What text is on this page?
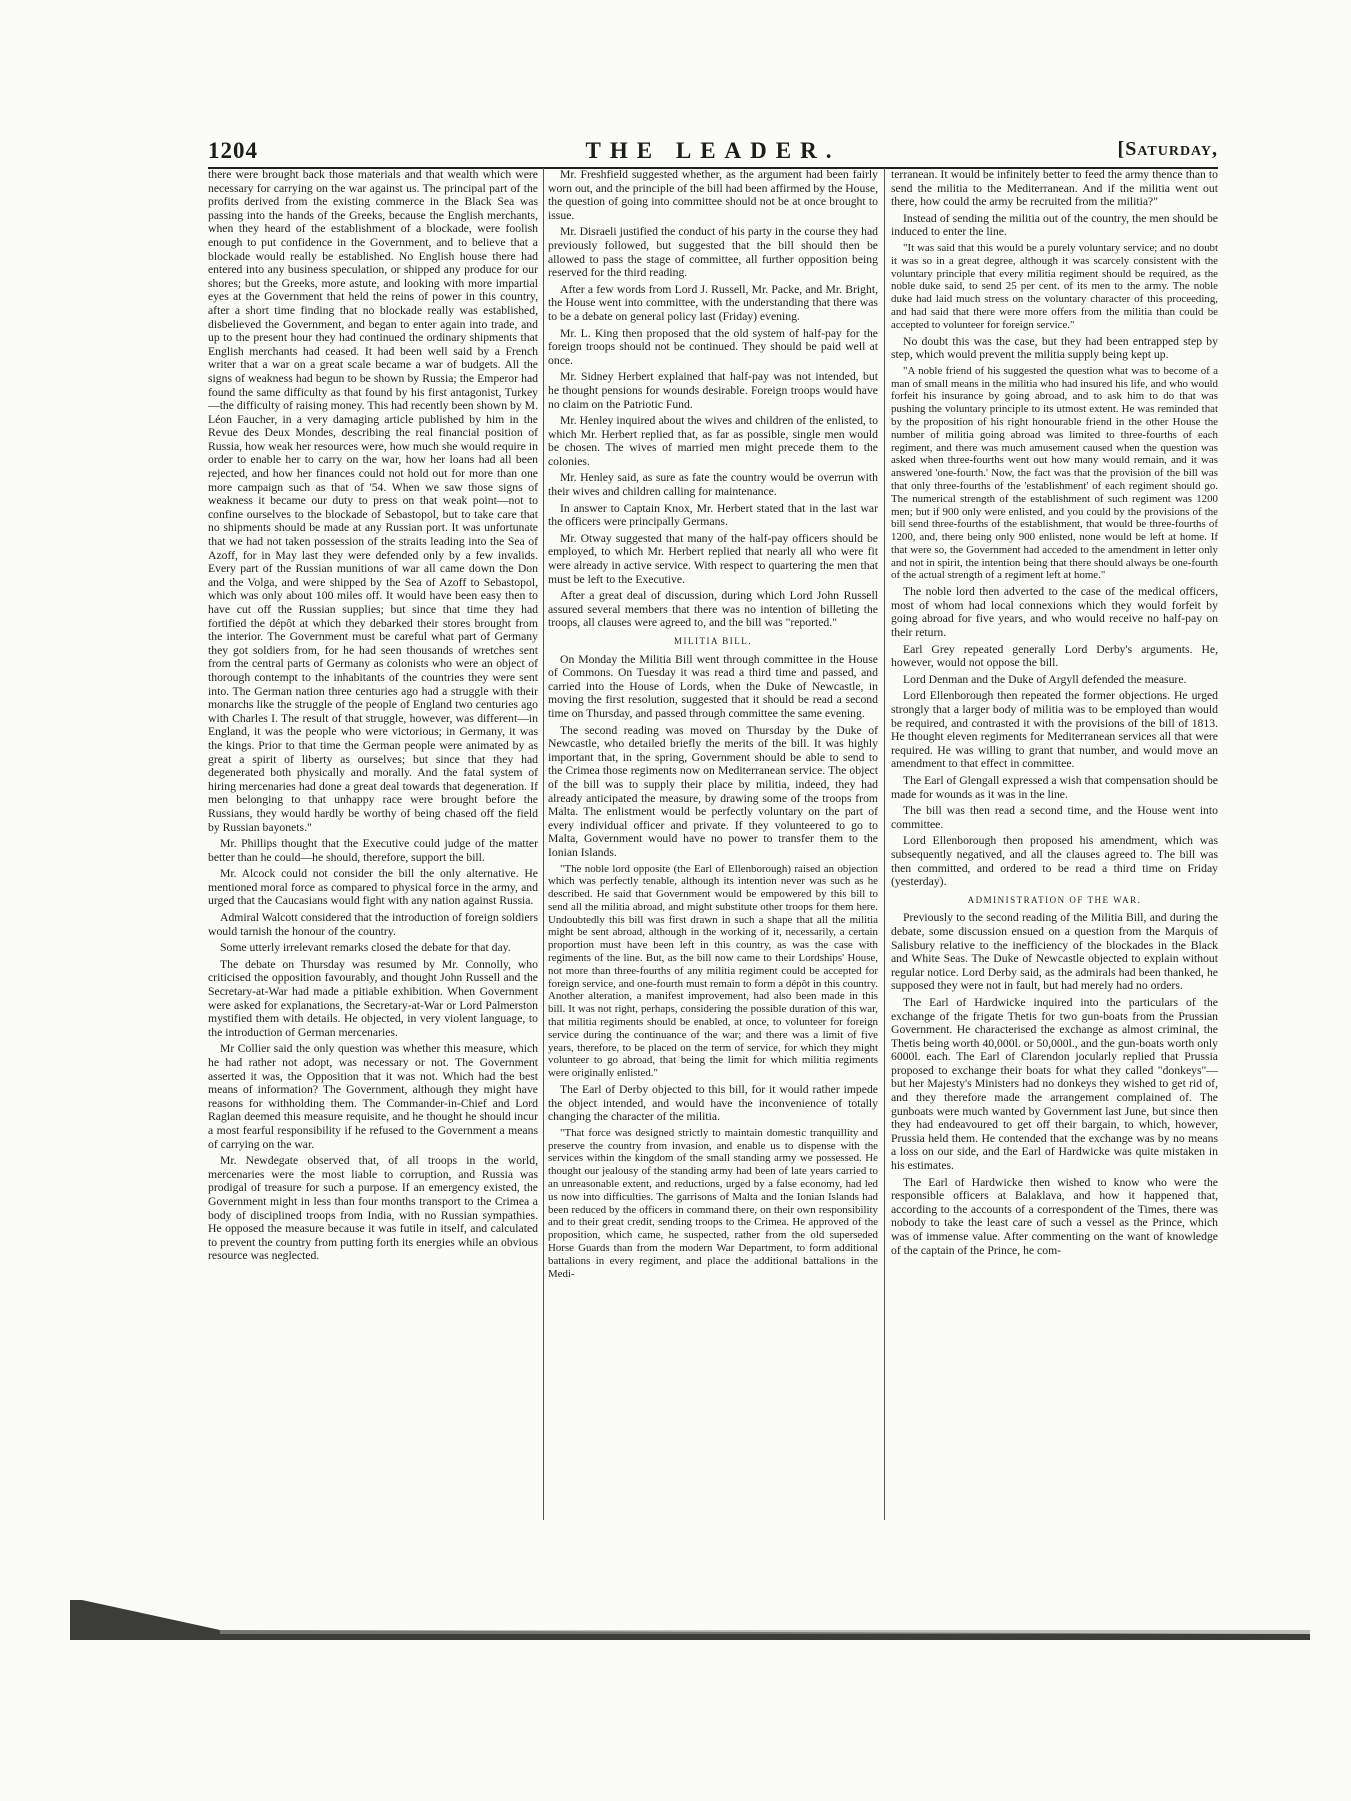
1204	THE LEADER.	[Saturday,

there were brought back those materials and that wealth which were necessary for carrying on the war against us. The principal part of the profits derived from the existing commerce in the Black Sea was passing into the hands of the Greeks, because the English merchants, when they heard of the establishment of a blockade, were foolish enough to put confidence in the Government, and to believe that a blockade would really be established. No English house there had entered into any business speculation, or shipped any produce for our shores; but the Greeks, more astute, and looking with more impartial eyes at the Government that held the reins of power in this country, after a short time finding that no blockade really was established, disbelieved the Government, and began to enter again into trade, and up to the present hour they had continued the ordinary shipments that English merchants had ceased. It had been well said by a French writer that a war on a great scale became a war of budgets. All the signs of weakness had begun to be shown by Russia; the Emperor had found the same difficulty as that found by his first antagonist, Turkey—the difficulty of raising money. This had recently been shown by M. Léon Faucher, in a very damaging article published by him in the Revue des Deux Mondes, describing the real financial position of Russia, how weak her resources were, how much she would require in order to enable her to carry on the war, how her loans had all been rejected, and how her finances could not hold out for more than one more campaign such as that of '54. When we saw those signs of weakness it became our duty to press on that weak point—not to confine ourselves to the blockade of Sebastopol, but to take care that no shipments should be made at any Russian port. It was unfortunate that we had not taken possession of the straits leading into the Sea of Azoff, for in May last they were defended only by a few invalids. Every part of the Russian munitions of war all came down the Don and the Volga, and were shipped by the Sea of Azoff to Sebastopol, which was only about 100 miles off. It would have been easy then to have cut off the Russian supplies; but since that time they had fortified the dépôt at which they debarked their stores brought from the interior. The Government must be careful what part of Germany they got soldiers from, for he had seen thousands of wretches sent from the central parts of Germany as colonists who were an object of thorough contempt to the inhabitants of the countries they were sent into. The German nation three centuries ago had a struggle with their monarchs like the struggle of the people of England two centuries ago with Charles I. The result of that struggle, however, was different—in England, it was the people who were victorious; in Germany, it was the kings. Prior to that time the German people were animated by as great a spirit of liberty as ourselves; but since that they had degenerated both physically and morally. And the fatal system of hiring mercenaries had done a great deal towards that degeneration. If men belonging to that unhappy race were brought before the Russians, they would hardly be worthy of being chased off the field by Russian bayonets."

Mr. Phillips thought that the Executive could judge of the matter better than he could—he should, therefore, support the bill.

Mr. Alcock could not consider the bill the only alternative. He mentioned moral force as compared to physical force in the army, and urged that the Caucasians would fight with any nation against Russia.

Admiral Walcott considered that the introduction of foreign soldiers would tarnish the honour of the country.

Some utterly irrelevant remarks closed the debate for that day.

The debate on Thursday was resumed by Mr. Connolly, who criticised the opposition favourably, and thought John Russell and the Secretary-at-War had made a pitiable exhibition. When Government were asked for explanations, the Secretary-at-War or Lord Palmerston mystified them with details. He objected, in very violent language, to the introduction of German mercenaries.

Mr Collier said the only question was whether this measure, which he had rather not adopt, was necessary or not. The Government asserted it was, the Opposition that it was not. Which had the best means of information? The Government, although they might have reasons for withholding them. The Commander-in-Chief and Lord Raglan deemed this measure requisite, and he thought he should incur a most fearful responsibility if he refused to the Government a means of carrying on the war.

Mr. Newdegate observed that, of all troops in the world, mercenaries were the most liable to corruption, and Russia was prodigal of treasure for such a purpose. If an emergency existed, the Government might in less than four months transport to the Crimea a body of disciplined troops from India, with no Russian sympathies. He opposed the measure because it was futile in itself, and calculated to prevent the country from putting forth its energies while an obvious resource was neglected.

Mr. Freshfield suggested whether, as the argument had been fairly worn out, and the principle of the bill had been affirmed by the House, the question of going into committee should not be at once brought to issue.

Mr. Disraeli justified the conduct of his party in the course they had previously followed, but suggested that the bill should then be allowed to pass the stage of committee, all further opposition being reserved for the third reading.

After a few words from Lord J. Russell, Mr. Packe, and Mr. Bright, the House went into committee, with the understanding that there was to be a debate on general policy last (Friday) evening.

Mr. L. King then proposed that the old system of half-pay for the foreign troops should not be continued. They should be paid well at once.

Mr. Sidney Herbert explained that half-pay was not intended, but he thought pensions for wounds desirable. Foreign troops would have no claim on the Patriotic Fund.

Mr. Henley inquired about the wives and children of the enlisted, to which Mr. Herbert replied that, as far as possible, single men would be chosen. The wives of married men might precede them to the colonies.

Mr. Henley said, as sure as fate the country would be overrun with their wives and children calling for maintenance.

In answer to Captain Knox, Mr. Herbert stated that in the last war the officers were principally Germans.

Mr. Otway suggested that many of the half-pay officers should be employed, to which Mr. Herbert replied that nearly all who were fit were already in active service. With respect to quartering the men that must be left to the Executive.

After a great deal of discussion, during which Lord John Russell assured several members that there was no intention of billeting the troops, all clauses were agreed to, and the bill was "reported."

MILITIA BILL.

On Monday the Militia Bill went through committee in the House of Commons. On Tuesday it was read a third time and passed, and carried into the House of Lords, when the Duke of Newcastle, in moving the first resolution, suggested that it should be read a second time on Thursday, and passed through committee the same evening.

The second reading was moved on Thursday by the Duke of Newcastle, who detailed briefly the merits of the bill. It was highly important that, in the spring, Government should be able to send to the Crimea those regiments now on Mediterranean service. The object of the bill was to supply their place by militia, indeed, they had already anticipated the measure, by drawing some of the troops from Malta. The enlistment would be perfectly voluntary on the part of every individual officer and private. If they volunteered to go to Malta, Government would have no power to transfer them to the Ionian Islands.

"The noble lord opposite (the Earl of Ellenborough) raised an objection which was perfectly tenable, although its intention never was such as he described. He said that Government would be empowered by this bill to send all the militia abroad, and might substitute other troops for them here. Undoubtedly this bill was first drawn in such a shape that all the militia might be sent abroad, although in the working of it, necessarily, a certain proportion must have been left in this country, as was the case with regiments of the line. But, as the bill now came to their Lordships' House, not more than three-fourths of any militia regiment could be accepted for foreign service, and one-fourth must remain to form a dépôt in this country. Another alteration, a manifest improvement, had also been made in this bill. It was not right, perhaps, considering the possible duration of this war, that militia regiments should be enabled, at once, to volunteer for foreign service during the continuance of the war; and there was a limit of five years, therefore, to be placed on the term of service, for which they might volunteer to go abroad, that being the limit for which militia regiments were originally enlisted."

The Earl of Derby objected to this bill, for it would rather impede the object intended, and would have the inconvenience of totally changing the character of the militia.

"That force was designed strictly to maintain domestic tranquillity and preserve the country from invasion, and enable us to dispense with the services within the kingdom of the small standing army we possessed. He thought our jealousy of the standing army had been of late years carried to an unreasonable extent, and reductions, urged by a false economy, had led us now into difficulties. The garrisons of Malta and the Ionian Islands had been reduced by the officers in command there, on their own responsibility and to their great credit, sending troops to the Crimea. He approved of the proposition, which came, he suspected, rather from the old superseded Horse Guards than from the modern War Department, to form additional battalions in every regiment, and place the additional battalions in the Medi-

terranean. It would be infinitely better to feed the army thence than to send the militia to the Mediterranean. And if the militia went out there, how could the army be recruited from the militia?"

Instead of sending the militia out of the country, the men should be induced to enter the line.

"It was said that this would be a purely voluntary service; and no doubt it was so in a great degree, although it was scarcely consistent with the voluntary principle that every militia regiment should be required, as the noble duke said, to send 25 per cent. of its men to the army. The noble duke had laid much stress on the voluntary character of this proceeding, and had said that there were more offers from the militia than could be accepted to volunteer for foreign service."

No doubt this was the case, but they had been entrapped step by step, which would prevent the militia supply being kept up.

"A noble friend of his suggested the question what was to become of a man of small means in the militia who had insured his life, and who would forfeit his insurance by going abroad, and to ask him to do that was pushing the voluntary principle to its utmost extent. He was reminded that by the proposition of his right honourable friend in the other House the number of militia going abroad was limited to three-fourths of each regiment, and there was much amusement caused when the question was asked when three-fourths went out how many would remain, and it was answered 'one-fourth.' Now, the fact was that the provision of the bill was that only three-fourths of the 'establishment' of each regiment should go. The numerical strength of the establishment of such regiment was 1200 men; but if 900 only were enlisted, and you could by the provisions of the bill send three-fourths of the establishment, that would be three-fourths of 1200, and, there being only 900 enlisted, none would be left at home. If that were so, the Government had acceded to the amendment in letter only and not in spirit, the intention being that there should always be one-fourth of the actual strength of a regiment left at home."

The noble lord then adverted to the case of the medical officers, most of whom had local connexions which they would forfeit by going abroad for five years, and who would receive no half-pay on their return.

Earl Grey repeated generally Lord Derby's arguments. He, however, would not oppose the bill.

Lord Denman and the Duke of Argyll defended the measure.

Lord Ellenborough then repeated the former objections. He urged strongly that a larger body of militia was to be employed than would be required, and contrasted it with the provisions of the bill of 1813. He thought eleven regiments for Mediterranean services all that were required. He was willing to grant that number, and would move an amendment to that effect in committee.

The Earl of Glengall expressed a wish that compensation should be made for wounds as it was in the line.

The bill was then read a second time, and the House went into committee.

Lord Ellenborough then proposed his amendment, which was subsequently negatived, and all the clauses agreed to. The bill was then committed, and ordered to be read a third time on Friday (yesterday).

ADMINISTRATION OF THE WAR.

Previously to the second reading of the Militia Bill, and during the debate, some discussion ensued on a question from the Marquis of Salisbury relative to the inefficiency of the blockades in the Black and White Seas. The Duke of Newcastle objected to explain without regular notice. Lord Derby said, as the admirals had been thanked, he supposed they were not in fault, but had merely had no orders.

The Earl of Hardwicke inquired into the particulars of the exchange of the frigate Thetis for two gun-boats from the Prussian Government. He characterised the exchange as almost criminal, the Thetis being worth 40,000l. or 50,000l., and the gun-boats worth only 6000l. each. The Earl of Clarendon jocularly replied that Prussia proposed to exchange their boats for what they called "donkeys"—but her Majesty's Ministers had no donkeys they wished to get rid of, and they therefore made the arrangement complained of. The gunboats were much wanted by Government last June, but since then they had endeavoured to get off their bargain, to which, however, Prussia held them. He contended that the exchange was by no means a loss on our side, and the Earl of Hardwicke was quite mistaken in his estimates.

The Earl of Hardwicke then wished to know who were the responsible officers at Balaklava, and how it happened that, according to the accounts of a correspondent of the Times, there was nobody to take the least care of such a vessel as the Prince, which was of immense value. After commenting on the want of knowledge of the captain of the Prince, he com-
